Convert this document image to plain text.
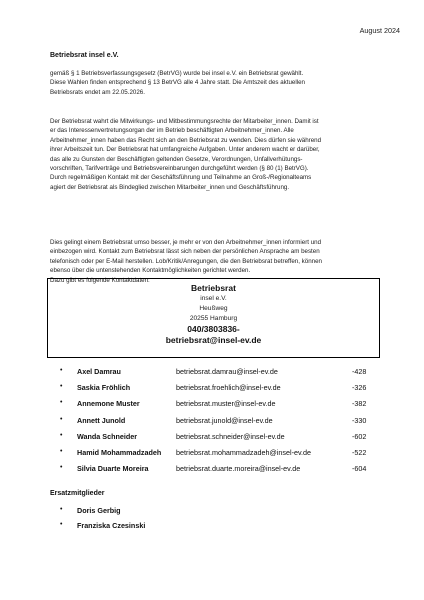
August 2024
Betriebsrat insel e.V.

gemäß § 1 Betriebsverfassungsgesetz (BetrVG) wurde bei insel e.V. ein Betriebsrat gewählt.

Diese Wahlen finden entsprechend § 13 BetrVG alle 4 Jahre statt. Die Amtszeit des aktuellen

Betriebsrats endet am 22.05.2026.

Der Betriebsrat wahrt die Mitwirkungs- und Mitbestimmungsrechte der Mitarbeiter_innen. Damit ist

er das Interessenvertretungsorgan der im Betrieb beschäftigten Arbeitnehmer_innen. Alle

Arbeitnehmer_innen haben das Recht sich an den Betriebsrat zu wenden. Dies dürfen sie während

ihrer Arbeitszeit tun. Der Betriebsrat hat umfangreiche Aufgaben. Unter anderem wacht er darüber,

das alle zu Gunsten der Beschäftigten geltenden Gesetze, Verordnungen, Unfallverhütungs-

vorschriften, Tarifverträge und Betriebsvereinbarungen durchgeführt werden (§ 80 (1) BetrVG).

Durch regelmäßigen Kontakt mit der Geschäftsführung und Teilnahme an Groß-/Regionalteams

agiert der Betriebsrat als Bindeglied zwischen Mitarbeiter_innen und Geschäftsführung.

Dies gelingt einem Betriebsrat umso besser, je mehr er von den Arbeitnehmer_innen informiert und

einbezogen wird. Kontakt zum Betriebsrat lässt sich neben der persönlichen Ansprache am besten

telefonisch oder per E-Mail herstellen. Lob/Kritik/Anregungen, die den Betriebsrat betreffen, können

ebenso über die untenstehenden Kontaktmöglichkeiten gerichtet werden.

Dazu gibt es folgende Kontaktdaten:

Betriebsrat
insel e.V.
Heußweg
20255 Hamburg
040/3803836-
betriebsrat@insel-ev.de
• Axel Damrau	betriebsrat.damrau@insel-ev.de	-428
• Saskia Fröhlich	betriebsrat.froehlich@insel-ev.de	-326
• Annemone Muster	betriebsrat.muster@insel-ev.de	-382
• Annett Junold	betriebsrat.junold@insel-ev.de	-330
• Wanda Schneider	betriebsrat.schneider@insel-ev.de	-602
• Hamid Mohammadzadeh betriebsrat.mohammadzadeh@insel-ev.de	-522
• Silvia Duarte Moreira	betriebsrat.duarte.moreira@insel-ev.de	-604
Ersatzmitglieder
• Doris Gerbig
• Franziska Czesinski
